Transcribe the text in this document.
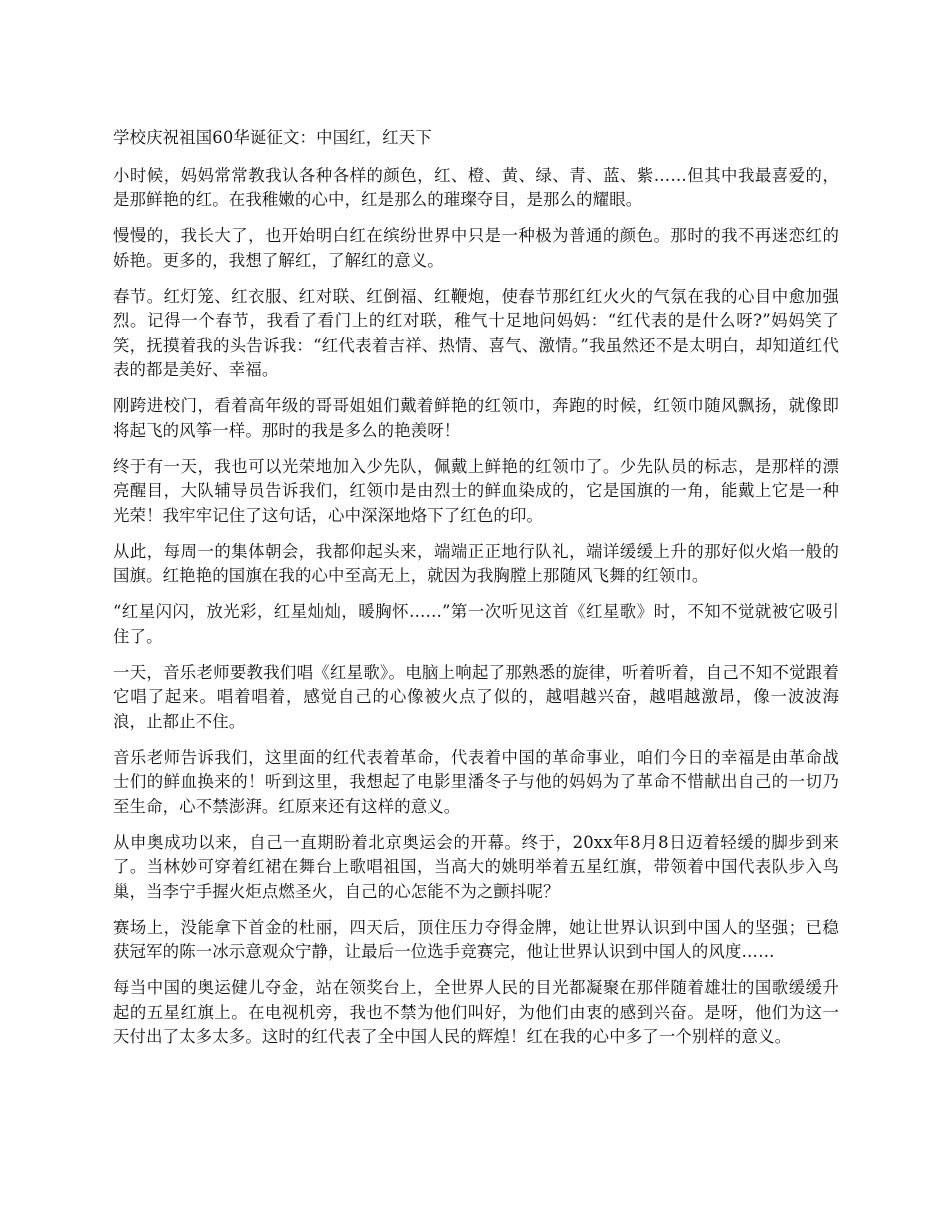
学校庆祝祖国60华诞征文：中国红，红天下

小时候，妈妈常常教我认各种各样的颜色，红、橙、黄、绿、青、蓝、紫……但其中我最喜爱的，是那鲜艳的红。在我稚嫩的心中，红是那么的璀璨夺目，是那么的耀眼。

慢慢的，我长大了，也开始明白红在缤纷世界中只是一种极为普通的颜色。那时的我不再迷恋红的娇艳。更多的，我想了解红，了解红的意义。

春节。红灯笼、红衣服、红对联、红倒福、红鞭炮，使春节那红红火火的气氛在我的心目中愈加强烈。记得一个春节，我看了看门上的红对联，稚气十足地问妈妈：“红代表的是什么呀?”妈妈笑了笑，抚摸着我的头告诉我：“红代表着吉祥、热情、喜气、激情。”我虽然还不是太明白，却知道红代表的都是美好、幸福。

刚跨进校门，看着高年级的哥哥姐姐们戴着鲜艳的红领巾，奔跑的时候，红领巾随风飘扬，就像即将起飞的风筝一样。那时的我是多么的艳羡呀！

终于有一天，我也可以光荣地加入少先队，佩戴上鲜艳的红领巾了。少先队员的标志，是那样的漂亮醒目，大队辅导员告诉我们，红领巾是由烈士的鲜血染成的，它是国旗的一角，能戴上它是一种光荣！我牢牢记住了这句话，心中深深地烙下了红色的印。

从此，每周一的集体朝会，我都仰起头来，端端正正地行队礼，端详缓缓上升的那好似火焰一般的国旗。红艳艳的国旗在我的心中至高无上，就因为我胸膛上那随风飞舞的红领巾。

“红星闪闪，放光彩，红星灿灿，暖胸怀……”第一次听见这首《红星歌》时，不知不觉就被它吸引住了。

一天，音乐老师要教我们唱《红星歌》。电脑上响起了那熟悉的旋律，听着听着，自己不知不觉跟着它唱了起来。唱着唱着，感觉自己的心像被火点了似的，越唱越兴奋，越唱越激昂，像一波波海浪，止都止不住。

音乐老师告诉我们，这里面的红代表着革命，代表着中国的革命事业，咱们今日的幸福是由革命战士们的鲜血换来的！听到这里，我想起了电影里潘冬子与他的妈妈为了革命不惜献出自己的一切乃至生命，心不禁澎湃。红原来还有这样的意义。

从申奥成功以来，自己一直期盼着北京奥运会的开幕。终于，20xx年8月8日迈着轻缓的脚步到来了。当林妙可穿着红裙在舞台上歌唱祖国，当高大的姚明举着五星红旗，带领着中国代表队步入鸟巢，当李宁手握火炬点燃圣火，自己的心怎能不为之颤抖呢？

赛场上，没能拿下首金的杜丽，四天后，顶住压力夺得金牌，她让世界认识到中国人的坚强；已稳获冠军的陈一冰示意观众宁静，让最后一位选手竞赛完，他让世界认识到中国人的风度……

每当中国的奥运健儿夺金，站在领奖台上，全世界人民的目光都凝聚在那伴随着雄壮的国歌缓缓升起的五星红旗上。在电视机旁，我也不禁为他们叫好，为他们由衷的感到兴奋。是呀，他们为这一天付出了太多太多。这时的红代表了全中国人民的辉煌！红在我的心中多了一个别样的意义。
